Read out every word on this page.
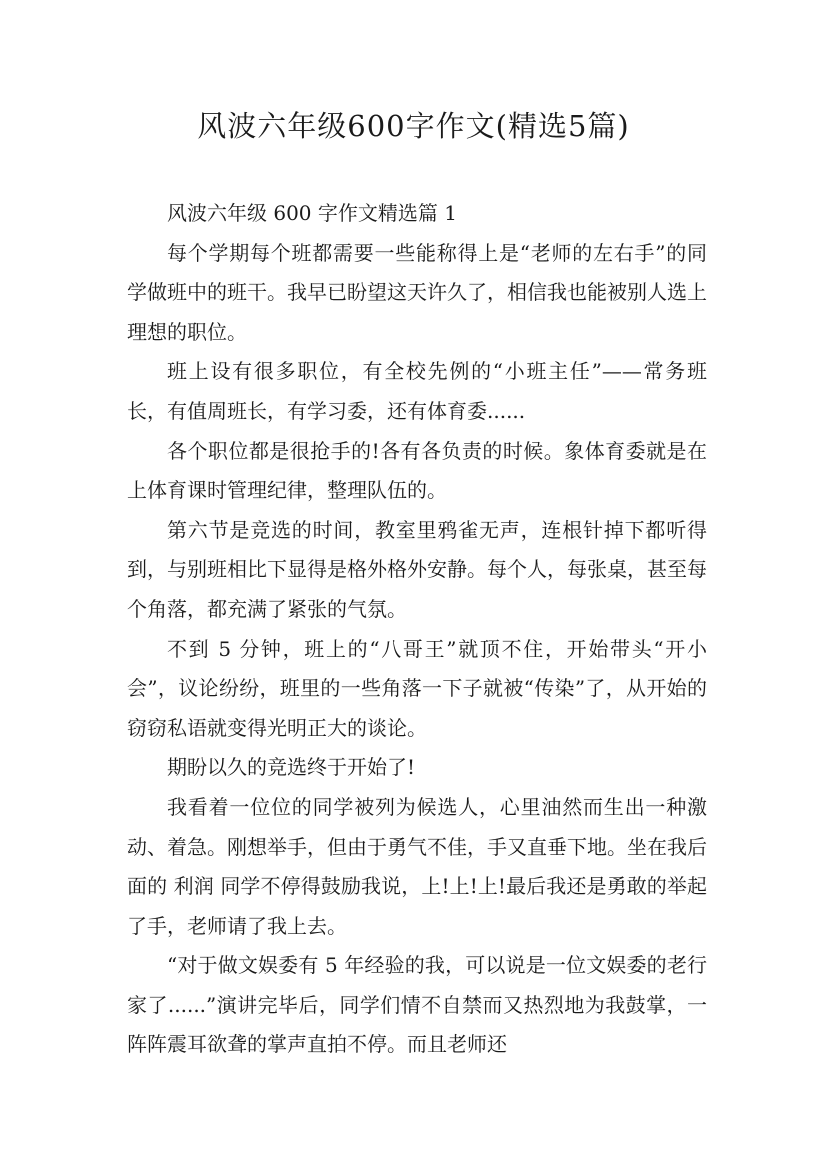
风波六年级600字作文(精选5篇)

风波六年级 600 字作文精选篇 1

每个学期每个班都需要一些能称得上是“老师的左右手”的同学做班中的班干。我早已盼望这天许久了，相信我也能被别人选上理想的职位。

班上设有很多职位，有全校先例的“小班主任”——常务班长，有值周班长，有学习委，还有体育委......

各个职位都是很抢手的!各有各负责的时候。象体育委就是在上体育课时管理纪律，整理队伍的。

第六节是竞选的时间，教室里鸦雀无声，连根针掉下都听得到，与别班相比下显得是格外格外安静。每个人，每张桌，甚至每个角落，都充满了紧张的气氛。

不到 5 分钟，班上的“八哥王”就顶不住，开始带头“开小会”，议论纷纷，班里的一些角落一下子就被“传染”了，从开始的窃窃私语就变得光明正大的谈论。

期盼以久的竞选终于开始了!

我看着一位位的同学被列为候选人，心里油然而生出一种激动、着急。刚想举手，但由于勇气不佳，手又直垂下地。坐在我后面的 利润 同学不停得鼓励我说，上!上!上!最后我还是勇敢的举起了手，老师请了我上去。

“对于做文娱委有 5 年经验的我，可以说是一位文娱委的老行家了......”演讲完毕后，同学们情不自禁而又热烈地为我鼓掌，一阵阵震耳欲聋的掌声直拍不停。而且老师还
